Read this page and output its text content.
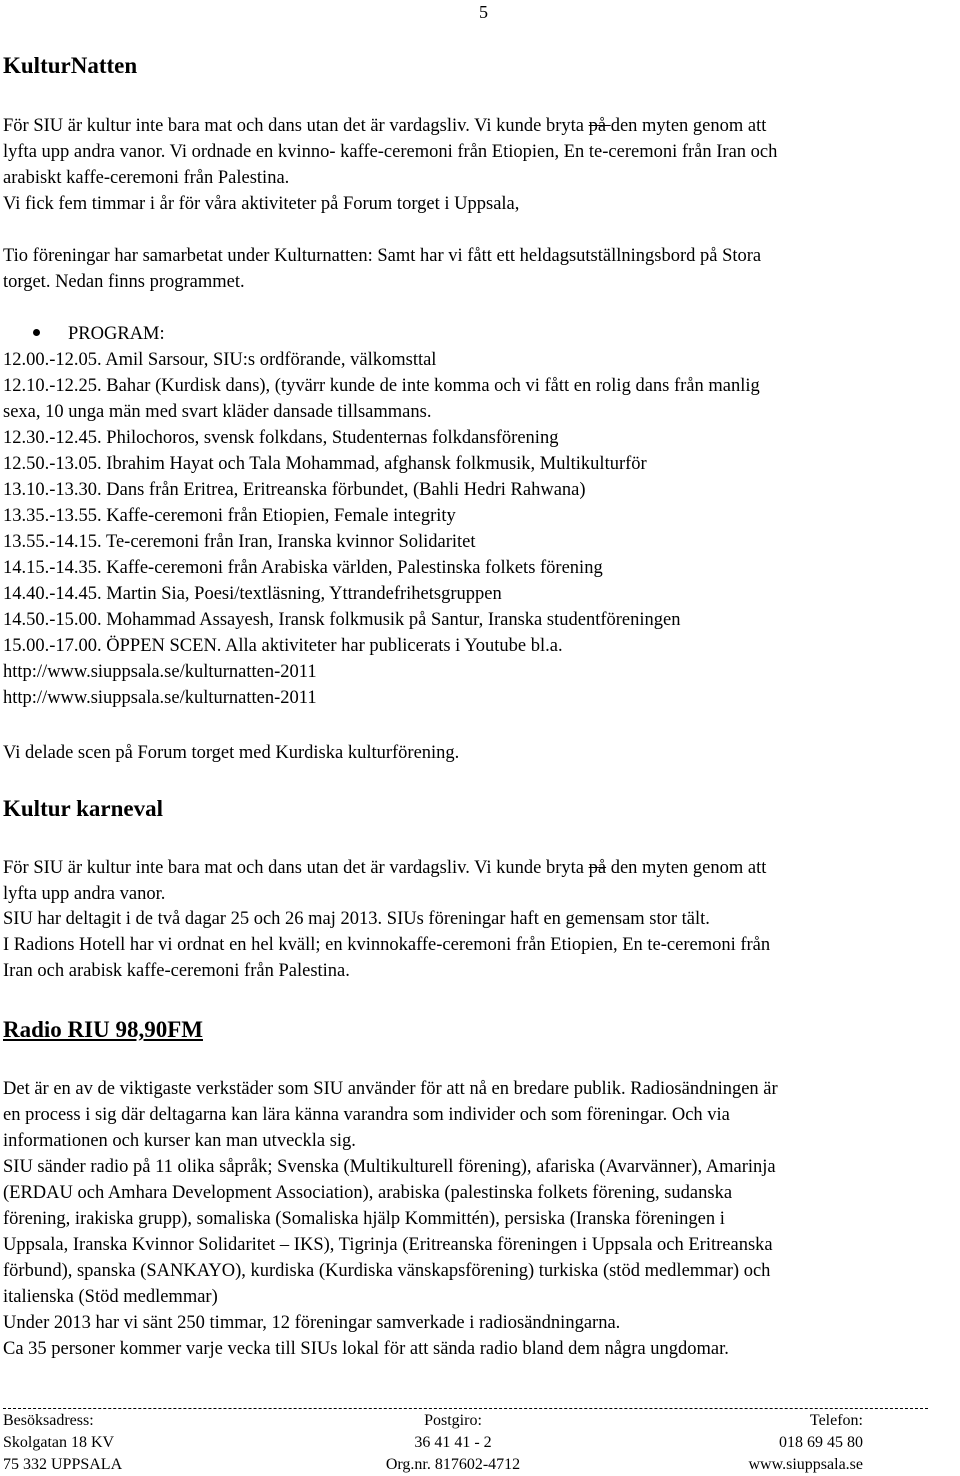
5
KulturNatten
För SIU är kultur inte bara mat och dans utan det är vardagsliv. Vi kunde bryta på den myten genom att
lyfta upp andra vanor. Vi ordnade en kvinno- kaffe-ceremoni från Etiopien, En te-ceremoni från Iran och
arabiskt kaffe-ceremoni från Palestina.
Vi fick fem timmar i år för våra aktiviteter på Forum torget i Uppsala,
Tio föreningar har samarbetat under Kulturnatten: Samt har vi fått ett heldagsutställningsbord på Stora
torget. Nedan finns programmet.
PROGRAM:
12.00.-12.05. Amil Sarsour, SIU:s ordförande, välkomsttal
12.10.-12.25. Bahar (Kurdisk dans), (tyvärr kunde de inte komma och vi fått en rolig dans från manlig
sexa, 10 unga män med svart kläder dansade tillsammans.
12.30.-12.45. Philochoros, svensk folkdans, Studenternas folkdansförening
12.50.-13.05. Ibrahim Hayat och Tala Mohammad, afghansk folkmusik, Multikulturför
13.10.-13.30. Dans från Eritrea, Eritreanska förbundet, (Bahli Hedri Rahwana)
13.35.-13.55. Kaffe-ceremoni från Etiopien, Female integrity
13.55.-14.15. Te-ceremoni från Iran, Iranska kvinnor Solidaritet
14.15.-14.35. Kaffe-ceremoni från Arabiska världen, Palestinska folkets förening
14.40.-14.45. Martin Sia, Poesi/textläsning, Yttrandefrihetsgruppen
14.50.-15.00. Mohammad Assayesh, Iransk folkmusik på Santur, Iranska studentföreningen
15.00.-17.00. ÖPPEN SCEN. Alla aktiviteter har publicerats i Youtube bl.a.
http://www.siuppsala.se/kulturnatten-2011
http://www.siuppsala.se/kulturnatten-2011
Vi delade scen på Forum torget med Kurdiska kulturförening.
Kultur karneval
För SIU är kultur inte bara mat och dans utan det är vardagsliv. Vi kunde bryta på den myten genom att
lyfta upp andra vanor.
SIU har deltagit i de två dagar 25 och 26 maj 2013. SIUs föreningar haft en gemensam stor tält.
I Radions Hotell har vi ordnat en hel kväll; en kvinnokaffe-ceremoni från Etiopien, En te-ceremoni från
Iran och arabisk kaffe-ceremoni från Palestina.
Radio RIU 98,90FM
Det är en av de viktigaste verkstäder som SIU använder för att nå en bredare publik. Radiosändningen är
en process i sig där deltagarna kan lära känna varandra som individer och som föreningar. Och via
informationen och kurser kan man utveckla sig.
SIU sänder radio på 11 olika såpråk; Svenska (Multikulturell förening), afariska (Avarvänner), Amarinja
(ERDAU och Amhara Development Association), arabiska (palestinska folkets förening, sudanska
förening, irakiska grupp), somaliska (Somaliska hjälp Kommittén), persiska (Iranska föreningen i
Uppsala, Iranska Kvinnor Solidaritet – IKS), Tigrinja (Eritreanska föreningen i Uppsala och Eritreanska
förbund), spanska (SANKAYO), kurdiska (Kurdiska vänskapsförening) turkiska (stöd medlemmar) och
italienska (Stöd medlemmar)
Under 2013 har vi sänt 250 timmar, 12 föreningar samverkade i radiosändningarna.
Ca 35 personer kommer varje vecka till SIUs lokal för att sända radio bland dem några ungdomar.
Besöksadress:
Skolgatan 18 KV
75 332 UPPSALA
Postgiro:
36 41 41 - 2
Org.nr. 817602-4712
Telefon:
018 69 45 80
www.siuppsala.se
